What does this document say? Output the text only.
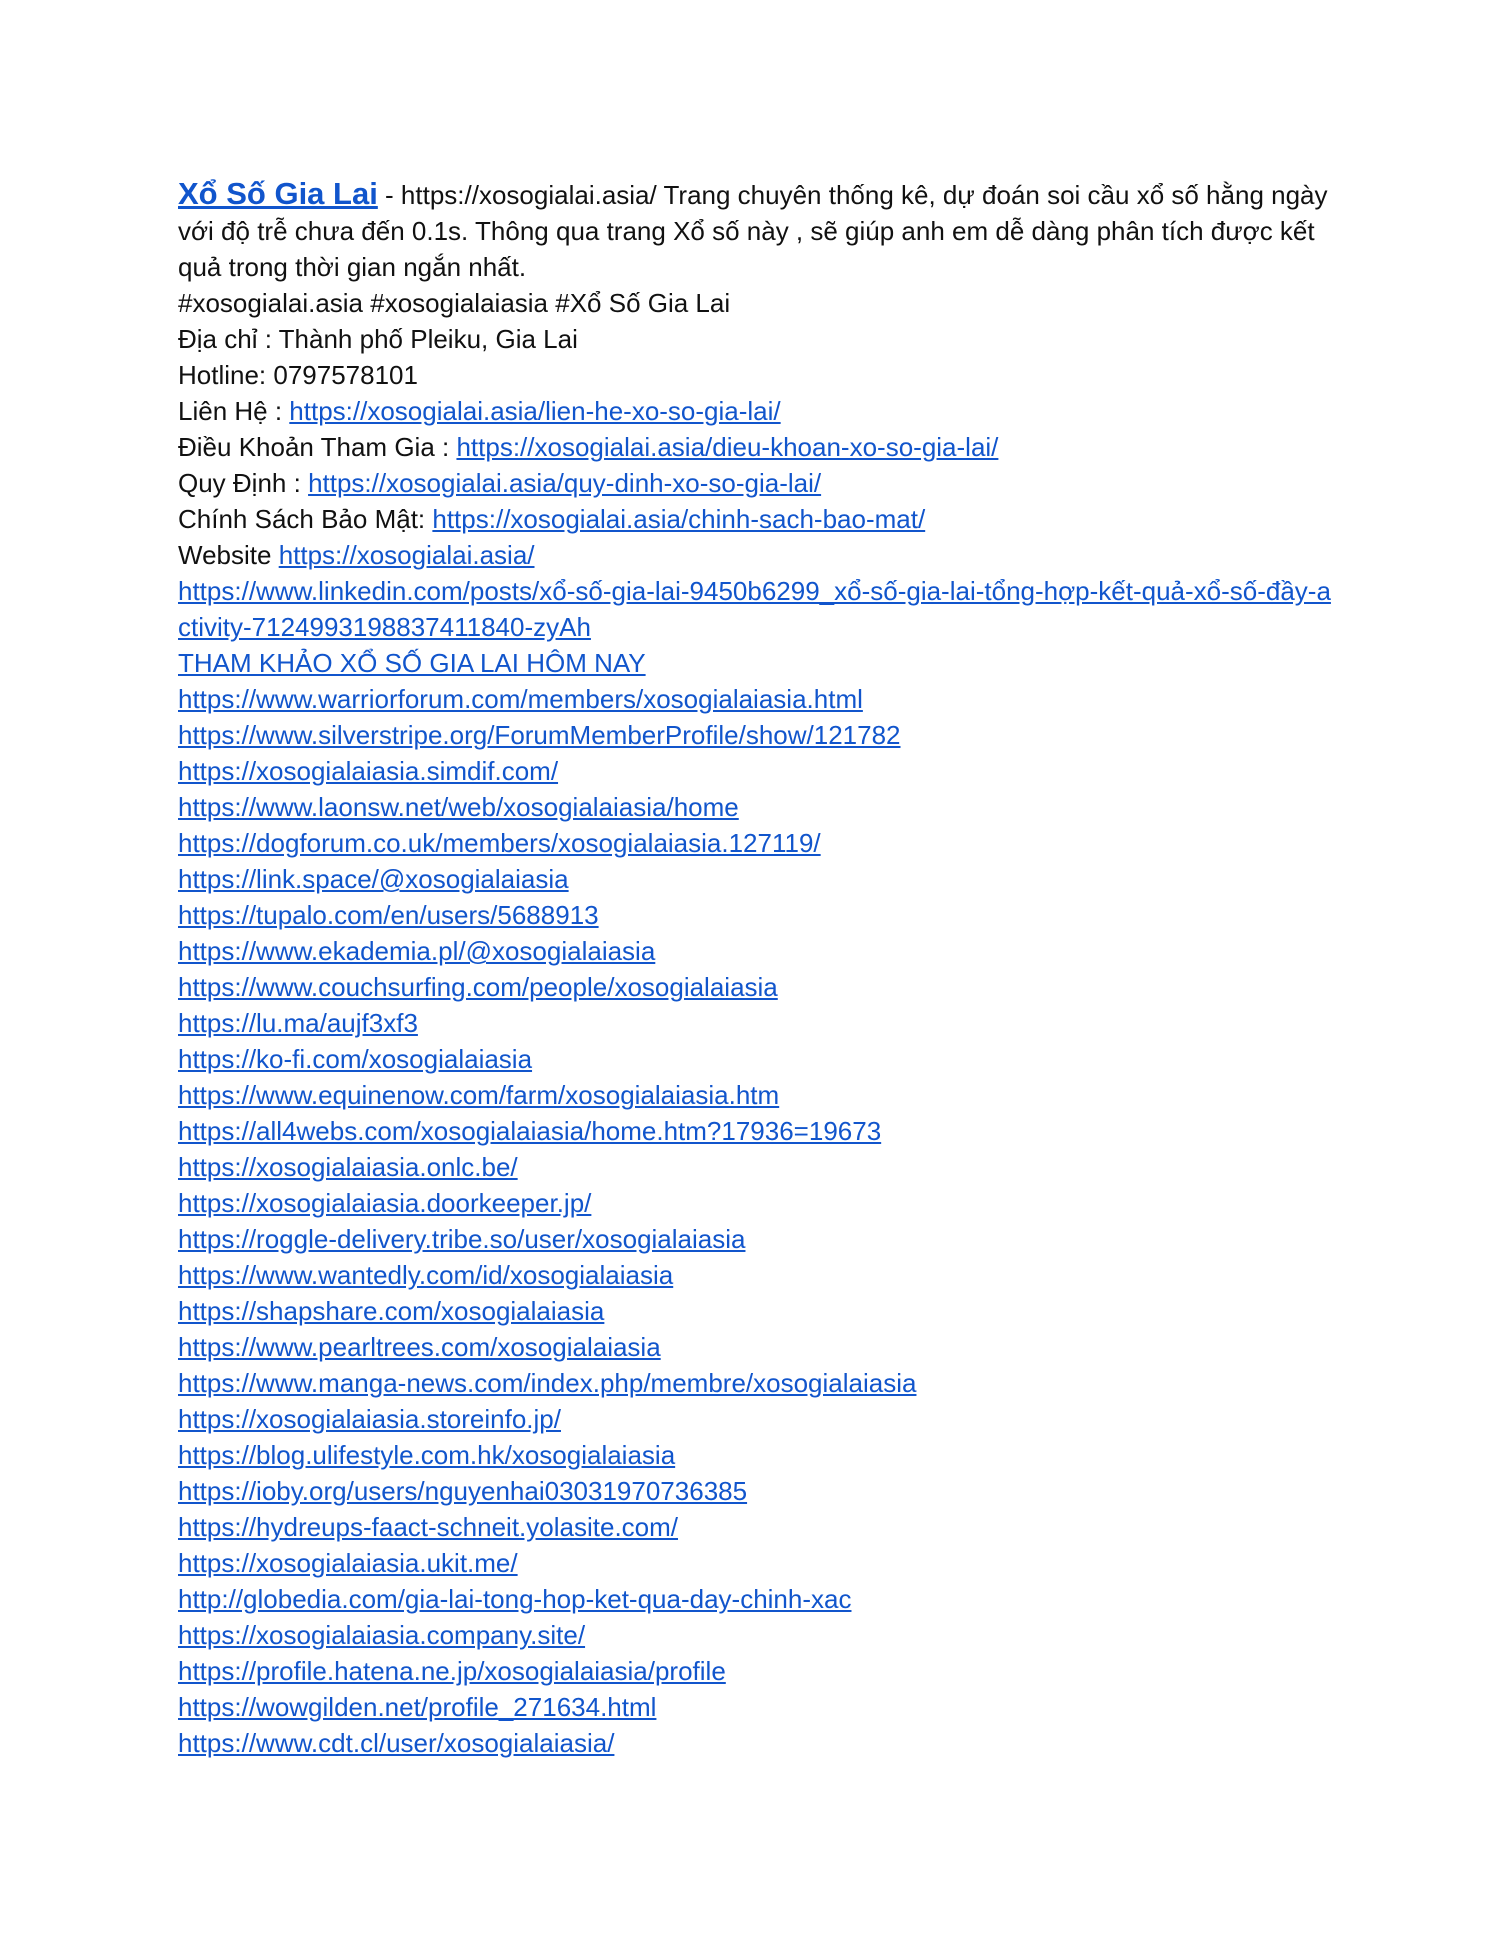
Xổ Số Gia Lai - https://xosogialai.asia/ Trang chuyên thống kê, dự đoán soi cầu xổ số hằng ngày với độ trễ chưa đến 0.1s. Thông qua trang Xổ số này , sẽ giúp anh em dễ dàng phân tích được kết quả trong thời gian ngắn nhất.
#xosogialai.asia #xosogialaiasia #Xổ Số Gia Lai
Địa chỉ : Thành phố Pleiku, Gia Lai
Hotline: 0797578101
Liên Hệ : https://xosogialai.asia/lien-he-xo-so-gia-lai/
Điều Khoản Tham Gia : https://xosogialai.asia/dieu-khoan-xo-so-gia-lai/
Quy Định : https://xosogialai.asia/quy-dinh-xo-so-gia-lai/
Chính Sách Bảo Mật: https://xosogialai.asia/chinh-sach-bao-mat/
Website https://xosogialai.asia/
https://www.linkedin.com/posts/xổ-số-gia-lai-9450b6299_xổ-số-gia-lai-tổng-hợp-kết-quả-xổ-số-đầy-activity-7124993198837411840-zyAh
THAM KHẢO XỔ SỐ GIA LAI HÔM NAY
https://www.warriorforum.com/members/xosogialaiasia.html
https://www.silverstripe.org/ForumMemberProfile/show/121782
https://xosogialaiasia.simdif.com/
https://www.laonsw.net/web/xosogialaiasia/home
https://dogforum.co.uk/members/xosogialaiasia.127119/
https://link.space/@xosogialaiasia
https://tupalo.com/en/users/5688913
https://www.ekademia.pl/@xosogialaiasia
https://www.couchsurfing.com/people/xosogialaiasia
https://lu.ma/aujf3xf3
https://ko-fi.com/xosogialaiasia
https://www.equinenow.com/farm/xosogialaiasia.htm
https://all4webs.com/xosogialaiasia/home.htm?17936=19673
https://xosogialaiasia.onlc.be/
https://xosogialaiasia.doorkeeper.jp/
https://roggle-delivery.tribe.so/user/xosogialaiasia
https://www.wantedly.com/id/xosogialaiasia
https://shapshare.com/xosogialaiasia
https://www.pearltrees.com/xosogialaiasia
https://www.manga-news.com/index.php/membre/xosogialaiasia
https://xosogialaiasia.storeinfo.jp/
https://blog.ulifestyle.com.hk/xosogialaiasia
https://ioby.org/users/nguyenhai03031970736385
https://hydreups-faact-schneit.yolasite.com/
https://xosogialaiasia.ukit.me/
http://globedia.com/gia-lai-tong-hop-ket-qua-day-chinh-xac
https://xosogialaiasia.company.site/
https://profile.hatena.ne.jp/xosogialaiasia/profile
https://wowgilden.net/profile_271634.html
https://www.cdt.cl/user/xosogialaiasia/
